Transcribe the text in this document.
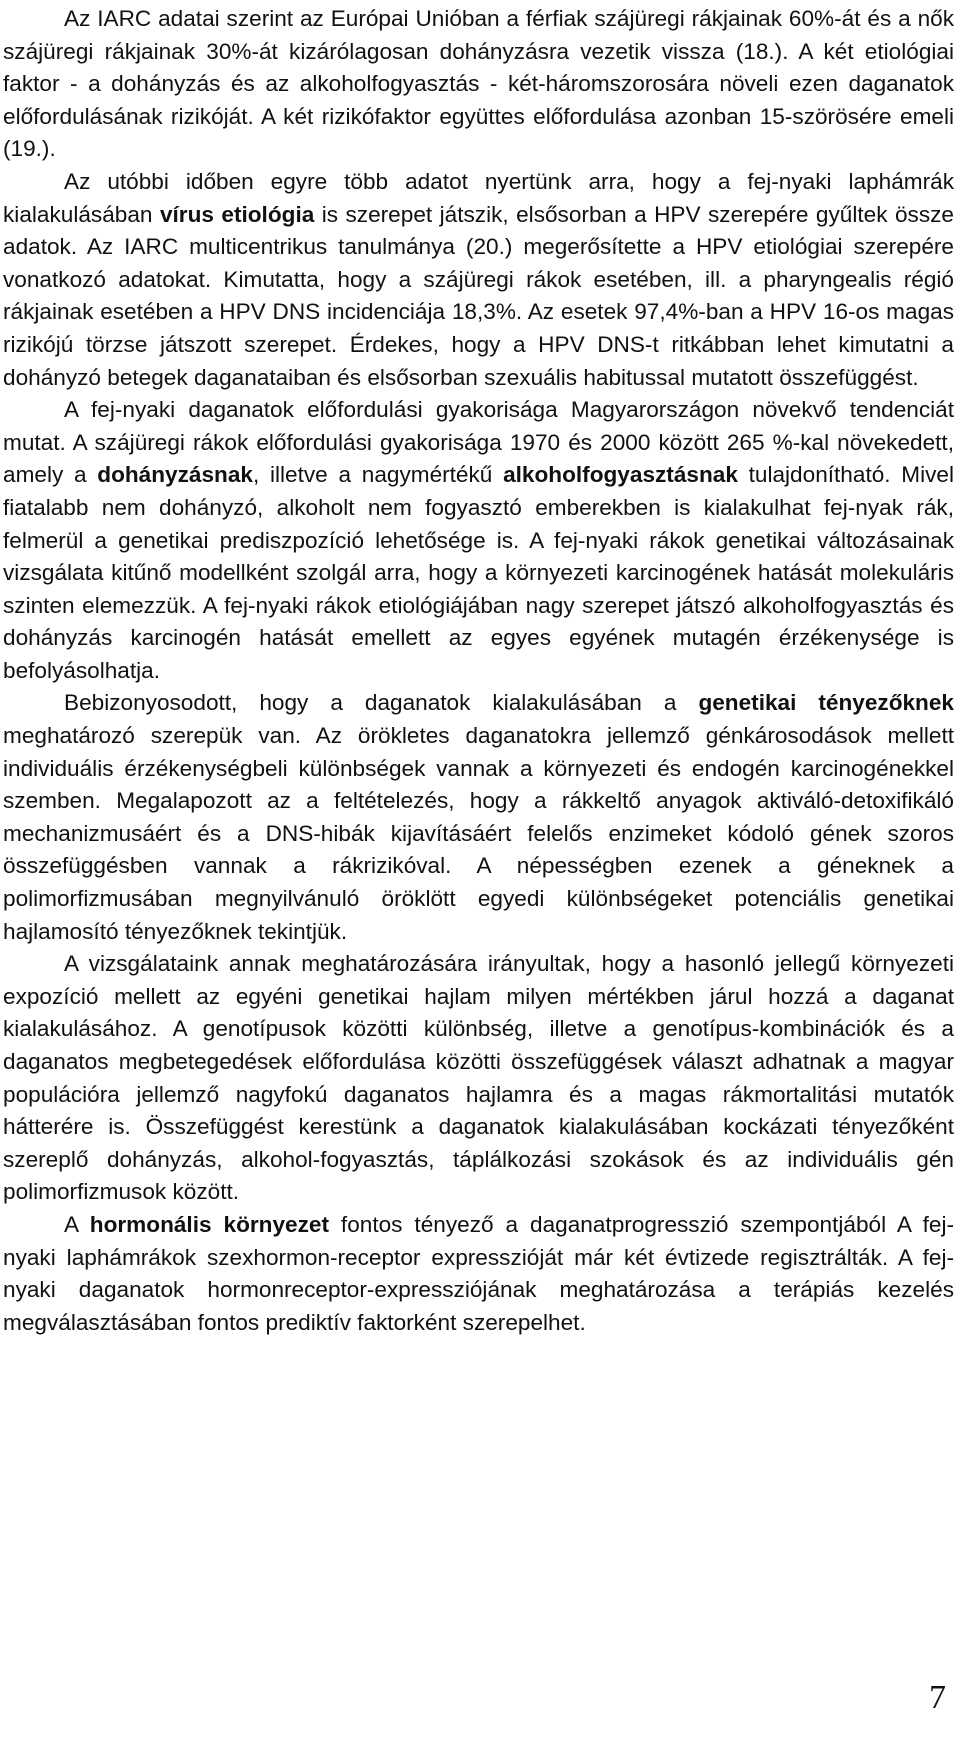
Az IARC adatai szerint az Európai Unióban a férfiak szájüregi rákjainak 60%-át és a nők szájüregi rákjainak 30%-át kizárólagosan dohányzásra vezetik vissza (18.). A két etiológiai faktor - a dohányzás és az alkoholfogyasztás - két-háromszorosára növeli ezen daganatok előfordulásának rizikóját. A két rizikófaktor együttes előfordulása azonban 15-szörösére emeli (19.).

Az utóbbi időben egyre több adatot nyertünk arra, hogy a fej-nyaki laphámrák kialakulásában vírus etiológia is szerepet játszik, elsősorban a HPV szerepére gyűltek össze adatok. Az IARC multicentrikus tanulmánya (20.) megerősítette a HPV etiológiai szerepére vonatkozó adatokat. Kimutatta, hogy a szájüregi rákok esetében, ill. a pharyngealis régió rákjainak esetében a HPV DNS incidenciája 18,3%. Az esetek 97,4%-ban a HPV 16-os magas rizikójú törzse játszott szerepet. Érdekes, hogy a HPV DNS-t ritkábban lehet kimutatni a dohányzó betegek daganataiban és elsősorban szexuális habitussal mutatott összefüggést.

A fej-nyaki daganatok előfordulási gyakorisága Magyarországon növekvő tendenciát mutat. A szájüregi rákok előfordulási gyakorisága 1970 és 2000 között 265 %-kal növekedett, amely a dohányzásnak, illetve a nagymértékű alkoholfogyasztásnak tulajdonítható. Mivel fiatalabb nem dohányzó, alkoholt nem fogyasztó emberekben is kialakulhat fej-nyak rák, felmerül a genetikai prediszpozíció lehetősége is. A fej-nyaki rákok genetikai változásainak vizsgálata kitűnő modellként szolgál arra, hogy a környezeti karcinogének hatását molekuláris szinten elemezzük. A fej-nyaki rákok etiológiájában nagy szerepet játszó alkoholfogyasztás és dohányzás karcinogén hatását emellett az egyes egyének mutagén érzékenysége is befolyásolhatja.

Bebizonyosodott, hogy a daganatok kialakulásában a genetikai tényezőknek meghatározó szerepük van. Az örökletes daganatokra jellemző génkárosodások mellett individuális érzékenységbeli különbségek vannak a környezeti és endogén karcinogénekkel szemben. Megalapozott az a feltételezés, hogy a rákkeltő anyagok aktiváló-detoxifikáló mechanizmusáért és a DNS-hibák kijavításáért felelős enzimeket kódoló gének szoros összefüggésben vannak a rákrizikóval. A népességben ezenek a géneknek a polimorfizmusában megnyilvánuló öröklött egyedi különbségeket potenciális genetikai hajlamosító tényezőknek tekintjük.

A vizsgálataink annak meghatározására irányultak, hogy a hasonló jellegű környezeti expozíció mellett az egyéni genetikai hajlam milyen mértékben járul hozzá a daganat kialakulásához. A genotípusok közötti különbség, illetve a genotípus-kombinációk és a daganatos megbetegedések előfordulása közötti összefüggések választ adhatnak a magyar populációra jellemző nagyfokú daganatos hajlamra és a magas rákmortalitási mutatók hátterére is. Összefüggést kerestünk a daganatok kialakulásában kockázati tényezőként szereplő dohányzás, alkohol-fogyasztás, táplálkozási szokások és az individuális gén polimorfizmusok között.

A hormonális környezet fontos tényező a daganatprogresszió szempontjából A fej-nyaki laphámrákok szexhormon-receptor expresszióját már két évtizede regisztrálták. A fej-nyaki daganatok hormonreceptor-expressziójának meghatározása a terápiás kezelés megválasztásában fontos prediktív faktorként szerepelhet.

7
